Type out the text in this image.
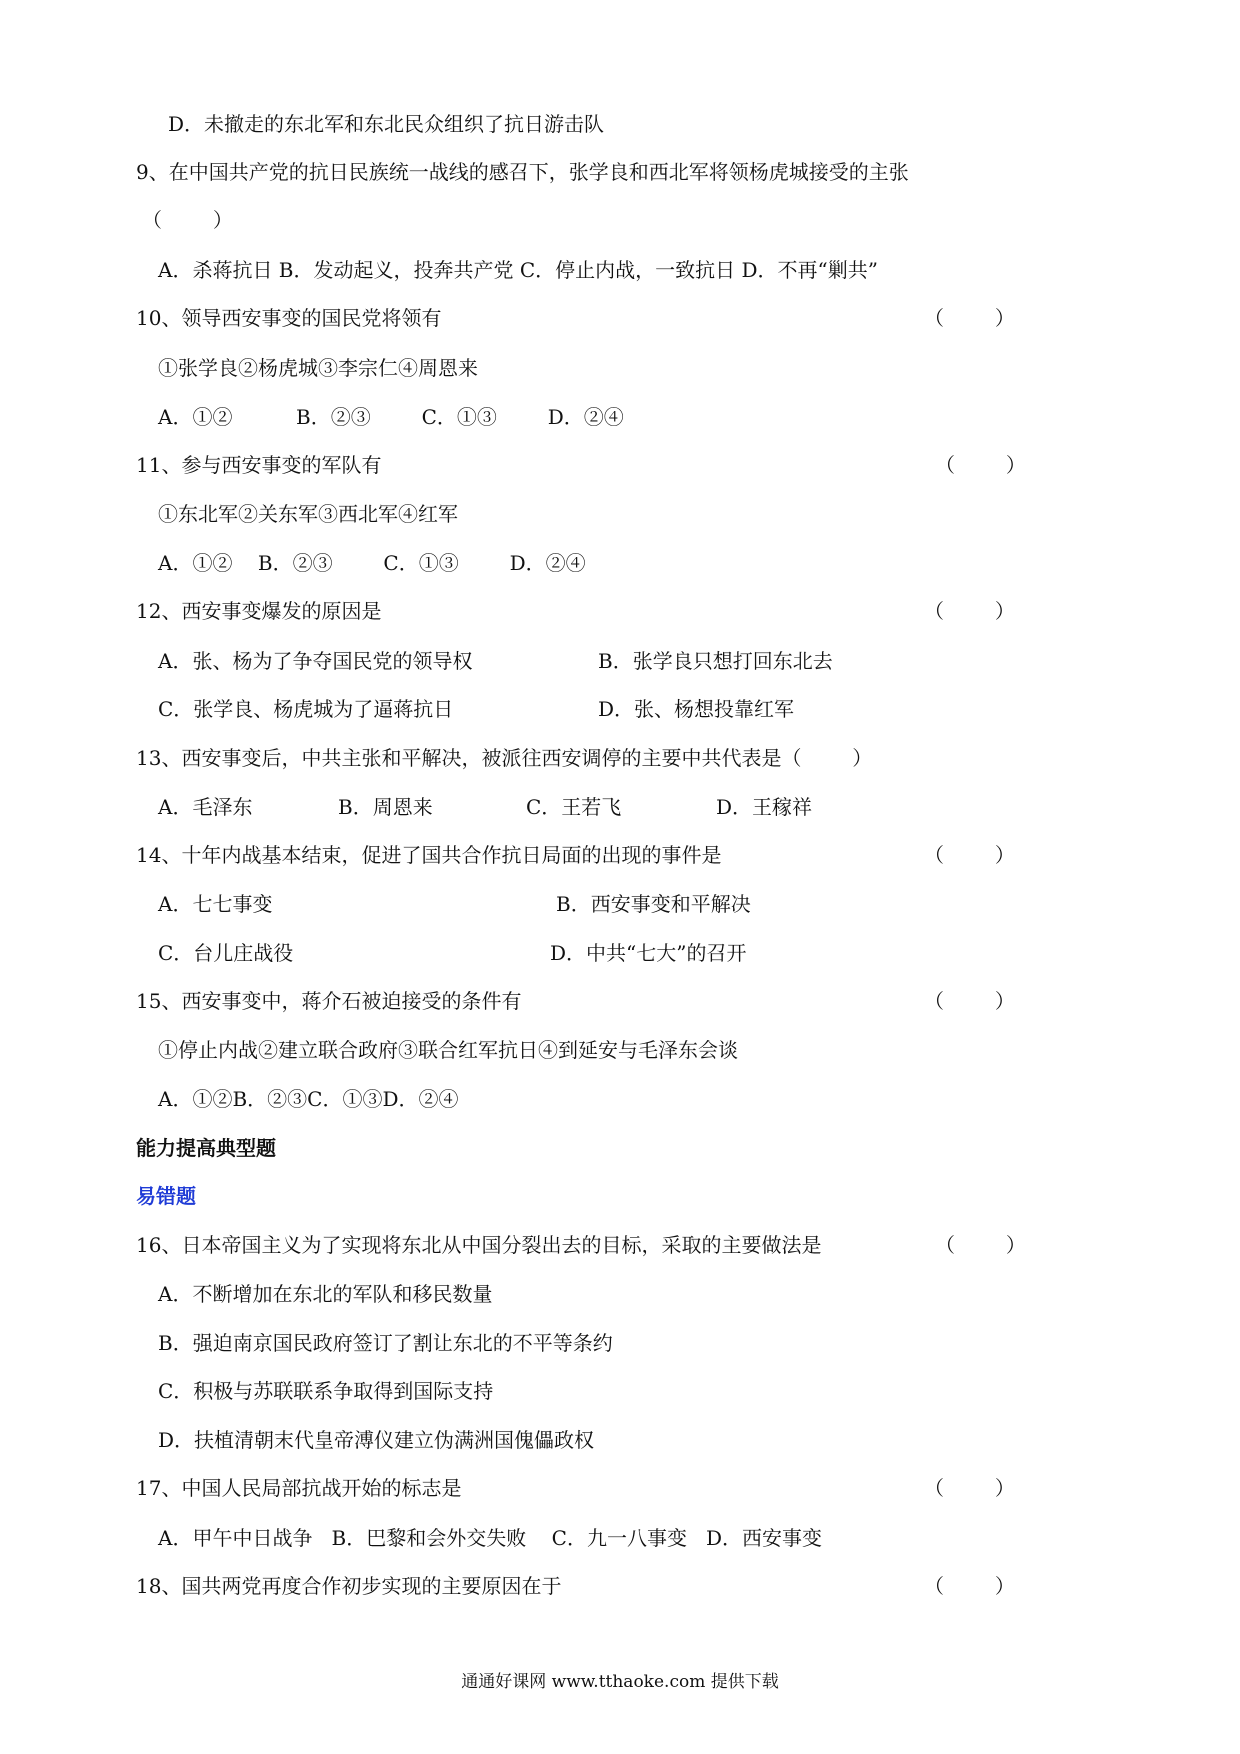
D．未撤走的东北军和东北民众组织了抗日游击队
9、在中国共产党的抗日民族统一战线的感召下，张学良和西北军将领杨虎城接受的主张
（        ）
A．杀蒋抗日 B．发动起义，投奔共产党 C．停止内战，一致抗日 D．不再“剿共”
10、领导西安事变的国民党将领有	（        ）
①张学良②杨虎城③李宗仁④周恩来
A．①②          B．②③        C．①③        D．②④
11、参与西安事变的军队有	（        ）
①东北军②关东军③西北军④红军
A．①②    B．②③        C．①③        D．②④
12、西安事变爆发的原因是	（        ）
A．张、杨为了争夺国民党的领导权	B．张学良只想打回东北去
C．张学良、杨虎城为了逼蒋抗日	D．张、杨想投靠红军
13、西安事变后，中共主张和平解决，被派往西安调停的主要中共代表是（        ）
A．毛泽东	B．周恩来	C．王若飞	D．王稼祥
14、十年内战基本结束，促进了国共合作抗日局面的出现的事件是	（        ）
A．七七事变	B．西安事变和平解决
C．台儿庄战役	D．中共“七大”的召开
15、西安事变中，蒋介石被迫接受的条件有	（        ）
①停止内战②建立联合政府③联合红军抗日④到延安与毛泽东会谈
A．①②B．②③C．①③D．②④
能力提高典型题
易错题
16、日本帝国主义为了实现将东北从中国分裂出去的目标，采取的主要做法是	（        ）
A．不断增加在东北的军队和移民数量
B．强迫南京国民政府签订了割让东北的不平等条约
C．积极与苏联联系争取得到国际支持
D．扶植清朝末代皇帝溥仪建立伪满洲国傀儡政权
17、中国人民局部抗战开始的标志是	（        ）
A．甲午中日战争   B．巴黎和会外交失败    C．九一八事变   D．西安事变
18、国共两党再度合作初步实现的主要原因在于	（        ）
通通好课网 www.tthaoke.com 提供下载
